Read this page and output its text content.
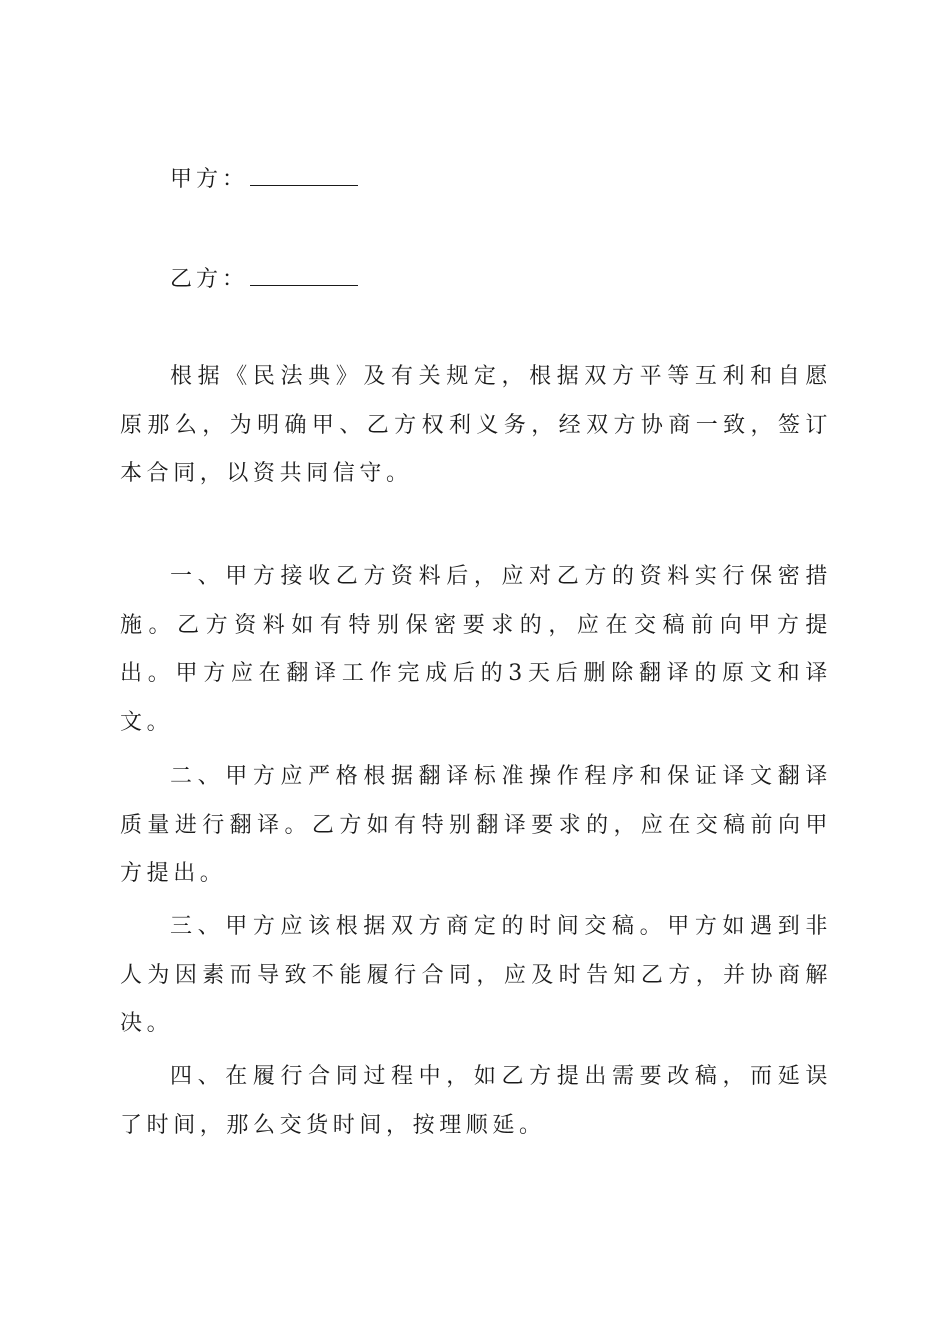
甲方：
乙方：

根据《民法典》及有关规定，根据双方平等互利和自愿原那么，为明确甲、乙方权利义务，经双方协商一致，签订本合同，以资共同信守。

一、甲方接收乙方资料后，应对乙方的资料实行保密措施。乙方资料如有特别保密要求的，应在交稿前向甲方提出。甲方应在翻译工作完成后的3天后删除翻译的原文和译文。

二、甲方应严格根据翻译标准操作程序和保证译文翻译质量进行翻译。乙方如有特别翻译要求的，应在交稿前向甲方提出。

三、甲方应该根据双方商定的时间交稿。甲方如遇到非人为因素而导致不能履行合同，应及时告知乙方，并协商解决。

四、在履行合同过程中，如乙方提出需要改稿，而延误了时间，那么交货时间，按理顺延。
